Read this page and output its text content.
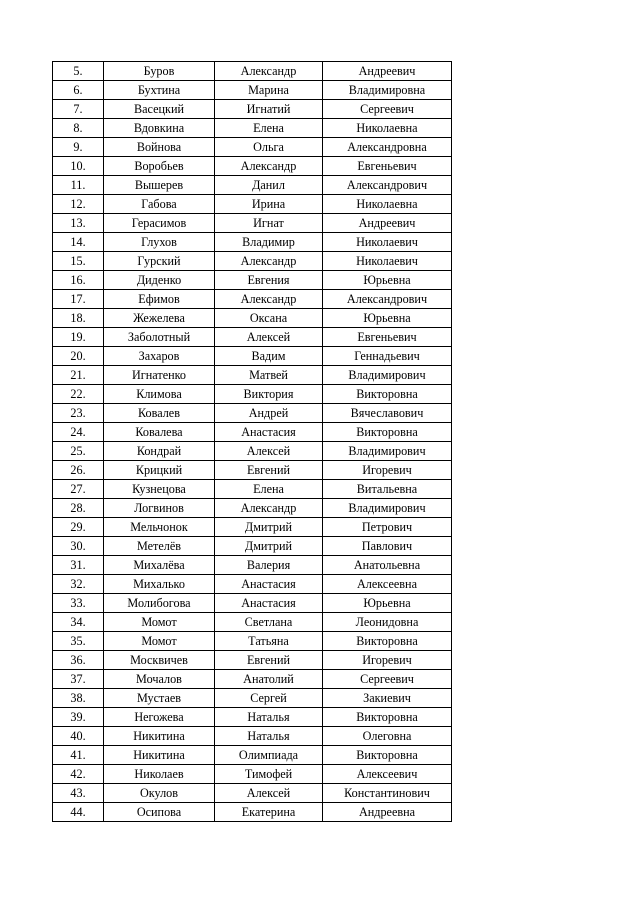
5.	Буров	Александр	Андреевич
6.	Бухтина	Марина	Владимировна
7.	Васецкий	Игнатий	Сергеевич
8.	Вдовкина	Елена	Николаевна
9.	Войнова	Ольга	Александровна
10.	Воробьев	Александр	Евгеньевич
11.	Вышерев	Данил	Александрович
12.	Габова	Ирина	Николаевна
13.	Герасимов	Игнат	Андреевич
14.	Глухов	Владимир	Николаевич
15.	Гурский	Александр	Николаевич
16.	Диденко	Евгения	Юрьевна
17.	Ефимов	Александр	Александрович
18.	Жежелева	Оксана	Юрьевна
19.	Заболотный	Алексей	Евгеньевич
20.	Захаров	Вадим	Геннадьевич
21.	Игнатенко	Матвей	Владимирович
22.	Климова	Виктория	Викторовна
23.	Ковалев	Андрей	Вячеславович
24.	Ковалева	Анастасия	Викторовна
25.	Кондрай	Алексей	Владимирович
26.	Крицкий	Евгений	Игоревич
27.	Кузнецова	Елена	Витальевна
28.	Логвинов	Александр	Владимирович
29.	Мельчонок	Дмитрий	Петрович
30.	Метелёв	Дмитрий	Павлович
31.	Михалёва	Валерия	Анатольевна
32.	Михалько	Анастасия	Алексеевна
33.	Молибогова	Анастасия	Юрьевна
34.	Момот	Светлана	Леонидовна
35.	Момот	Татьяна	Викторовна
36.	Москвичев	Евгений	Игоревич
37.	Мочалов	Анатолий	Сергеевич
38.	Мустаев	Сергей	Закиевич
39.	Негожева	Наталья	Викторовна
40.	Никитина	Наталья	Олеговна
41.	Никитина	Олимпиада	Викторовна
42.	Николаев	Тимофей	Алексеевич
43.	Окулов	Алексей	Константинович
44.	Осипова	Екатерина	Андреевна
